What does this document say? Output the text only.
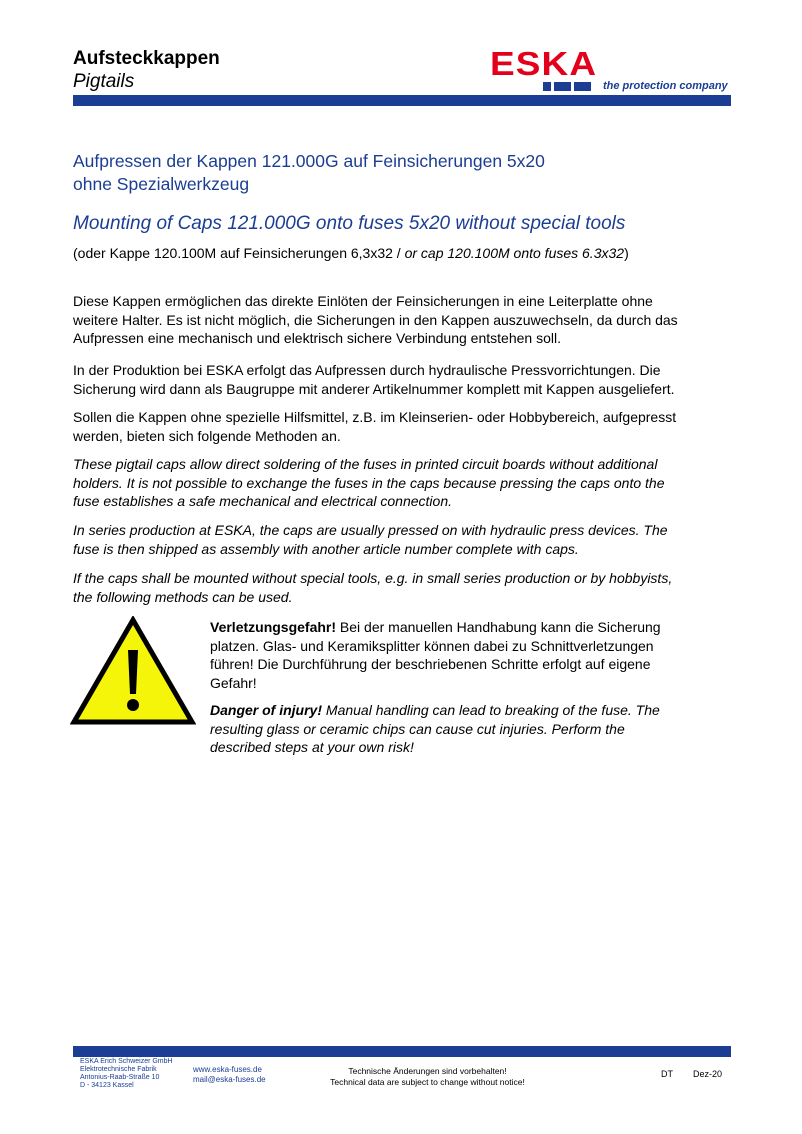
Aufsteckkappen
Pigtails	ESKA
the protection company
Aufpressen der Kappen 121.000G auf Feinsicherungen 5x20
ohne Spezialwerkzeug
Mounting of Caps 121.000G onto fuses 5x20 without special tools
(oder Kappe 120.100M auf Feinsicherungen 6,3x32 / or cap 120.100M onto fuses 6.3x32)
Diese Kappen ermöglichen das direkte Einlöten der Feinsicherungen in eine Leiterplatte ohne
weitere Halter. Es ist nicht möglich, die Sicherungen in den Kappen auszuwechseln, da durch das
Aufpressen eine mechanisch und elektrisch sichere Verbindung entstehen soll.
In der Produktion bei ESKA erfolgt das Aufpressen durch hydraulische Pressvorrichtungen. Die
Sicherung wird dann als Baugruppe mit anderer Artikelnummer komplett mit Kappen ausgeliefert.
Sollen die Kappen ohne spezielle Hilfsmittel, z.B. im Kleinserien- oder Hobbybereich, aufgepresst
werden, bieten sich folgende Methoden an.
These pigtail caps allow direct soldering of the fuses in printed circuit boards without additional
holders. It is not possible to exchange the fuses in the caps because pressing the caps onto the
fuse establishes a safe mechanical and electrical connection.
In series production at ESKA, the caps are usually pressed on with hydraulic press devices. The
fuse is then shipped as assembly with another article number complete with caps.
If the caps shall be mounted without special tools, e.g. in small series production or by hobbyists,
the following methods can be used.
Verletzungsgefahr! Bei der manuellen Handhabung kann die Sicherung
platzen. Glas- und Keramiksplitter können dabei zu Schnittverletzungen
führen! Die Durchführung der beschriebenen Schritte erfolgt auf eigene
Gefahr!
Danger of injury! Manual handling can lead to breaking of the fuse. The
resulting glass or ceramic chips can cause cut injuries. Perform the
described steps at your own risk!
ESKA Erich Schweizer GmbH
Elektrotechnische Fabrik
Antonius-Raab-Straße 10
D - 34123 Kassel
www.eska-fuses.de
mail@eska-fuses.de
Technische Änderungen sind vorbehalten!
Technical data are subject to change without notice!
DT Dez-20
